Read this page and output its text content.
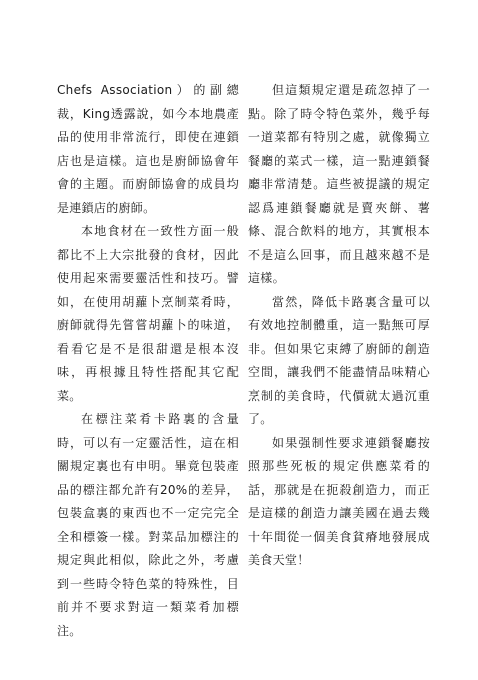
Chefs Association）的副總裁，King透露說，如今本地農產品的使用非常流行，即使在連鎖店也是這樣。這也是廚師協會年會的主題。而廚師協會的成員均是連鎖店的廚師。

本地食材在一致性方面一般都比不上大宗批發的食材，因此使用起來需要靈活性和技巧。譬如，在使用胡蘿卜烹制菜肴時，廚師就得先嘗嘗胡蘿卜的味道，看看它是不是很甜還是根本沒味，再根據且特性搭配其它配菜。

在標注菜肴卡路裏的含量時，可以有一定靈活性，這在相關規定裏也有申明。畢竟包裝產品的標注都允許有20%的差异，包裝盒裏的東西也不一定完完全全和標簽一樣。對菜品加標注的規定與此相似，除此之外，考慮到一些時令特色菜的特殊性，目前并不要求對這一類菜肴加標注。

但這類規定還是疏忽掉了一點。除了時令特色菜外，幾乎每一道菜都有特別之處，就像獨立餐廳的菜式一樣，這一點連鎖餐廳非常清楚。這些被提議的規定認爲連鎖餐廳就是賣夾餅、薯條、混合飲料的地方，其實根本不是這么回事，而且越來越不是這樣。

當然，降低卡路裏含量可以有效地控制體重，這一點無可厚非。但如果它束縛了廚師的創造空間，讓我們不能盡情品味精心烹制的美食時，代價就太過沉重了。

如果强制性要求連鎖餐廳按照那些死板的規定供應菜肴的話，那就是在扼殺創造力，而正是這樣的創造力讓美國在過去幾十年間從一個美食貧瘠地發展成美食天堂！
